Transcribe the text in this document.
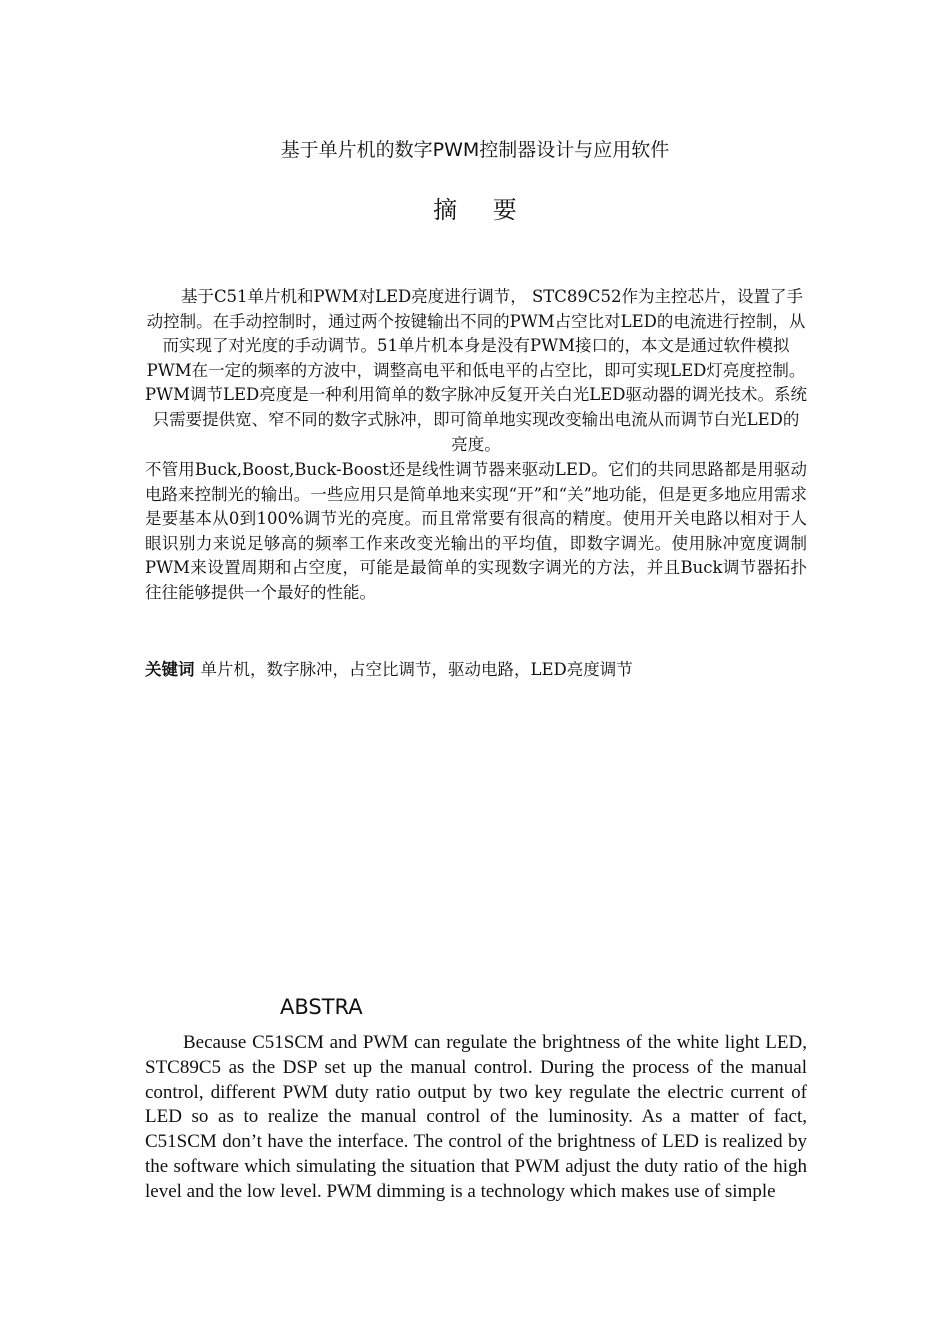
基于单片机的数字PWM控制器设计与应用软件
摘 要

基于C51单片机和PWM对LED亮度进行调节， STC89C52作为主控芯片，设置了手动控制。在手动控制时，通过两个按键输出不同的PWM占空比对LED的电流进行控制，从而实现了对光度的手动调节。51单片机本身是没有PWM接口的，本文是通过软件模拟PWM在一定的频率的方波中，调整高电平和低电平的占空比，即可实现LED灯亮度控制。PWM调节LED亮度是一种利用简单的数字脉冲反复开关白光LED驱动器的调光技术。系统只需要提供宽、窄不同的数字式脉冲，即可简单地实现改变输出电流从而调节白光LED的亮度。

不管用Buck,Boost,Buck-Boost还是线性调节器来驱动LED。它们的共同思路都是用驱动电路来控制光的输出。一些应用只是简单地来实现“开”和“关”地功能，但是更多地应用需求是要基本从0到100%调节光的亮度。而且常常要有很高的精度。使用开关电路以相对于人眼识别力来说足够高的频率工作来改变光输出的平均值，即数字调光。使用脉冲宽度调制PWM来设置周期和占空度，可能是最简单的实现数字调光的方法，并且Buck调节器拓扑往往能够提供一个最好的性能。

关键词 单片机，数字脉冲，占空比调节，驱动电路，LED亮度调节

ABSTRA

Because C51SCM and PWM can regulate the brightness of the white light LED, STC89C5 as the DSP set up the manual control. During the process of the manual control, different PWM duty ratio output by two key regulate the electric current of LED so as to realize the manual control of the luminosity. As a matter of fact, C51SCM don’t have the interface. The control of the brightness of LED is realized by the software which simulating the situation that PWM adjust the duty ratio of the high level and the low level. PWM dimming is a technology which makes use of simple
